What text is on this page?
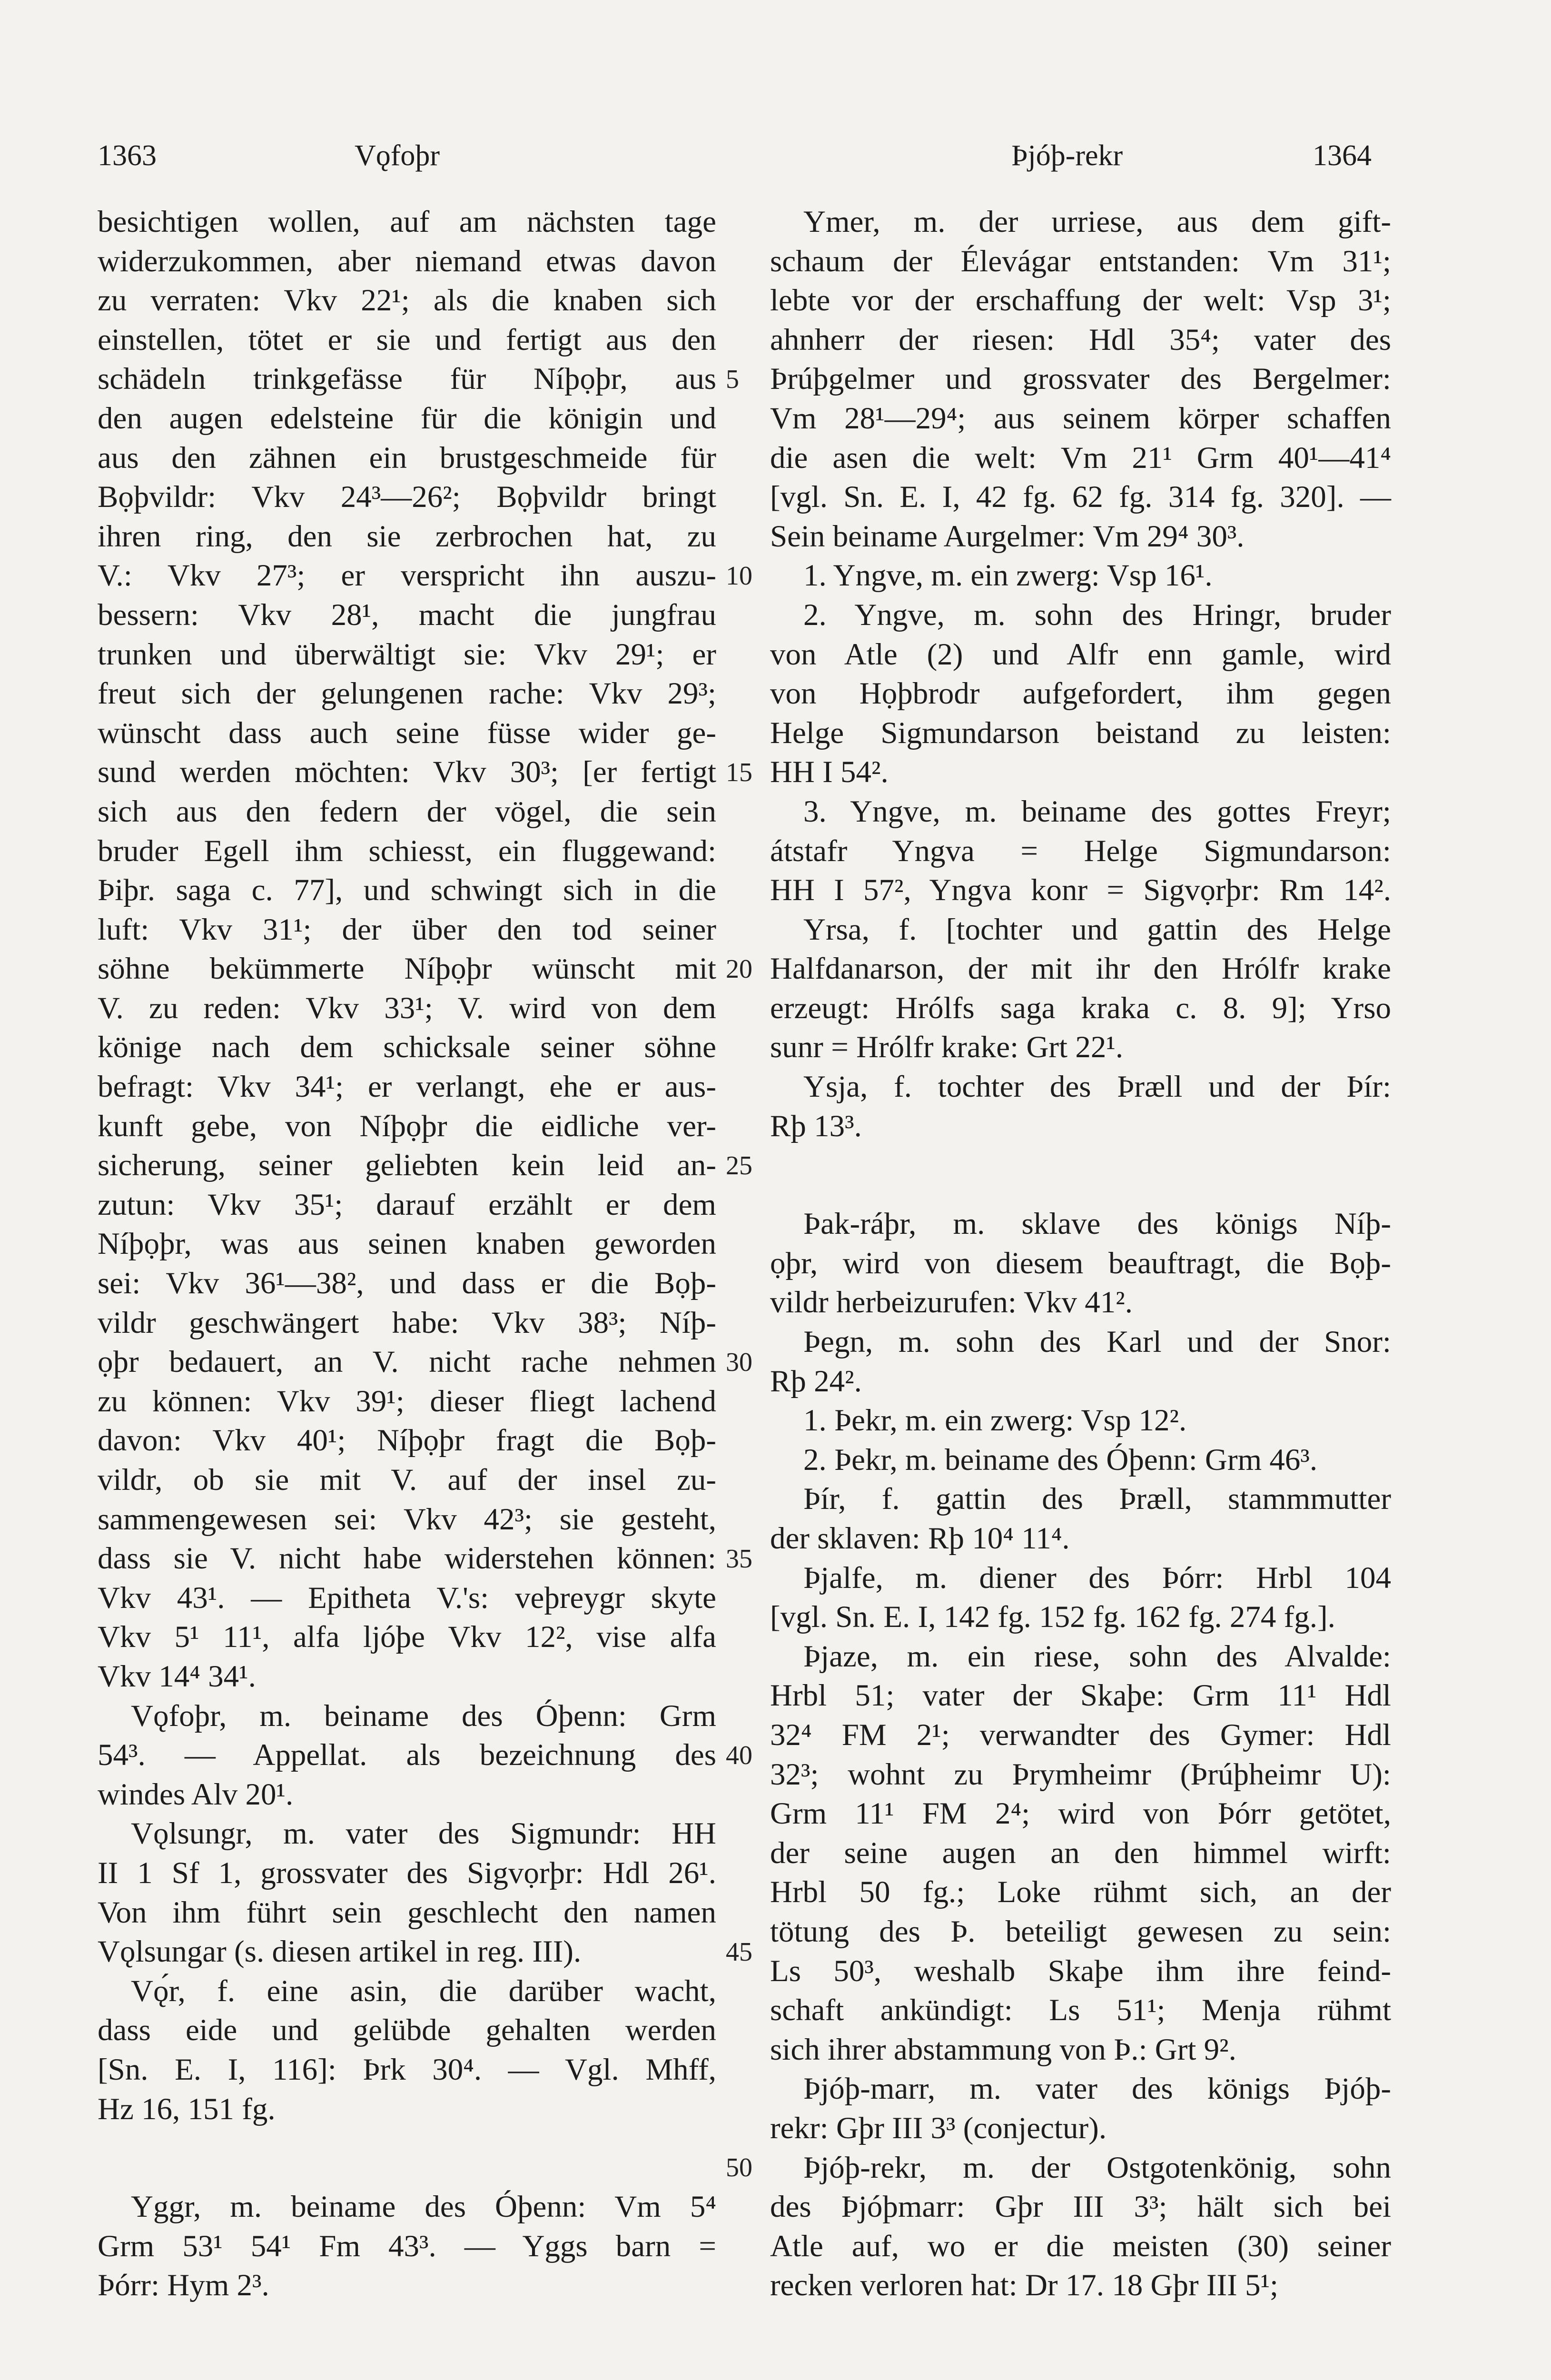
1363	Vǫfoþr	Þjóþ-rekr	1364
besichtigen wollen, auf am nächsten tage
widerzukommen, aber niemand etwas davon
zu verraten: Vkv 22¹; als die knaben sich
einstellen, tötet er sie und fertigt aus den
schädeln trinkgefässe für Níþọþr, aus
den augen edelsteine für die königin und
aus den zähnen ein brustgeschmeide für
Bọþvildr: Vkv 24³—26²; Bọþvildr bringt
ihren ring, den sie zerbrochen hat, zu
V.: Vkv 27³; er verspricht ihn auszu-
bessern: Vkv 28¹, macht die jungfrau
trunken und überwältigt sie: Vkv 29¹; er
freut sich der gelungenen rache: Vkv 29³;
wünscht dass auch seine füsse wider ge-
sund werden möchten: Vkv 30³; [er fertigt
sich aus den federn der vögel, die sein
bruder Egell ihm schiesst, ein fluggewand:
Þiþr. saga c. 77], und schwingt sich in die
luft: Vkv 31¹; der über den tod seiner
söhne bekümmerte Níþọþr wünscht mit
V. zu reden: Vkv 33¹; V. wird von dem
könige nach dem schicksale seiner söhne
befragt: Vkv 34¹; er verlangt, ehe er aus-
kunft gebe, von Níþọþr die eidliche ver-
sicherung, seiner geliebten kein leid an-
zutun: Vkv 35¹; darauf erzählt er dem
Níþọþr, was aus seinen knaben geworden
sei: Vkv 36¹—38², und dass er die Bọþ-
vildr geschwängert habe: Vkv 38³; Níþ-
ọþr bedauert, an V. nicht rache nehmen
zu können: Vkv 39¹; dieser fliegt lachend
davon: Vkv 40¹; Níþọþr fragt die Bọþ-
vildr, ob sie mit V. auf der insel zu-
sammengewesen sei: Vkv 42³; sie gesteht,
dass sie V. nicht habe widerstehen können:
Vkv 43¹. — Epitheta V.'s: veþreygr skyte
Vkv 5¹ 11¹, alfa ljóþe Vkv 12², vise alfa
Vkv 14⁴ 34¹.
Vǫfoþr, m. beiname des Óþenn: Grm
54³. — Appellat. als bezeichnung des
windes Alv 20¹.
Vǫlsungr, m. vater des Sigmundr: HH
II 1 Sf 1, grossvater des Sigvọrþr: Hdl 26¹.
Von ihm führt sein geschlecht den namen
Vǫlsungar (s. diesen artikel in reg. III).
Vǫ́r, f. eine asin, die darüber wacht,
dass eide und gelübde gehalten werden
[Sn. E. I, 116]: Þrk 30⁴. — Vgl. Mhff,
Hz 16, 151 fg.
Yggr, m. beiname des Óþenn: Vm 5⁴
Grm 53¹ 54¹ Fm 43³. — Yggs barn =
Þórr: Hym 2³.
Ymer, m. der urriese, aus dem gift-
schaum der Élevágar entstanden: Vm 31¹;
lebte vor der erschaffung der welt: Vsp 3¹;
ahnherr der riesen: Hdl 35⁴; vater des
Þrúþgelmer und grossvater des Bergelmer:
Vm 28¹—29⁴; aus seinem körper schaffen
die asen die welt: Vm 21¹ Grm 40¹—41⁴
[vgl. Sn. E. I, 42 fg. 62 fg. 314 fg. 320]. —
Sein beiname Aurgelmer: Vm 29⁴ 30³.
1. Yngve, m. ein zwerg: Vsp 16¹.
2. Yngve, m. sohn des Hringr, bruder
von Atle (2) und Alfr enn gamle, wird
von Họþbrodr aufgefordert, ihm gegen
Helge Sigmundarson beistand zu leisten:
HH I 54².
3. Yngve, m. beiname des gottes Freyr;
átstafr Yngva = Helge Sigmundarson:
HH I 57², Yngva konr = Sigvọrþr: Rm 14².
Yrsa, f. [tochter und gattin des Helge
Halfdanarson, der mit ihr den Hrólfr krake
erzeugt: Hrólfs saga kraka c. 8. 9]; Yrso
sunr = Hrólfr krake: Grt 22¹.
Ysja, f. tochter des Þræll und der Þír:
Rþ 13³.
Þak-ráþr, m. sklave des königs Níþ-
ọþr, wird von diesem beauftragt, die Bọþ-
vildr herbeizurufen: Vkv 41².
Þegn, m. sohn des Karl und der Snor:
Rþ 24².
1. Þekr, m. ein zwerg: Vsp 12².
2. Þekr, m. beiname des Óþenn: Grm 46³.
Þír, f. gattin des Þræll, stammmutter
der sklaven: Rþ 10⁴ 11⁴.
Þjalfe, m. diener des Þórr: Hrbl 104
[vgl. Sn. E. I, 142 fg. 152 fg. 162 fg. 274 fg.].
Þjaze, m. ein riese, sohn des Alvalde:
Hrbl 51; vater der Skaþe: Grm 11¹ Hdl
32⁴ FM 2¹; verwandter des Gymer: Hdl
32³; wohnt zu Þrymheimr (Þrúþheimr U):
Grm 11¹ FM 2⁴; wird von Þórr getötet,
der seine augen an den himmel wirft:
Hrbl 50 fg.; Loke rühmt sich, an der
tötung des Þ. beteiligt gewesen zu sein:
Ls 50³, weshalb Skaþe ihm ihre feind-
schaft ankündigt: Ls 51¹; Menja rühmt
sich ihrer abstammung von Þ.: Grt 9².
Þjóþ-marr, m. vater des königs Þjóþ-
rekr: Gþr III 3³ (conjectur).
Þjóþ-rekr, m. der Ostgotenkönig, sohn
des Þjóþmarr: Gþr III 3³; hält sich bei
Atle auf, wo er die meisten (30) seiner
recken verloren hat: Dr 17. 18 Gþr III 5¹;
5
10
15
20
25
30
35
40
45
50
